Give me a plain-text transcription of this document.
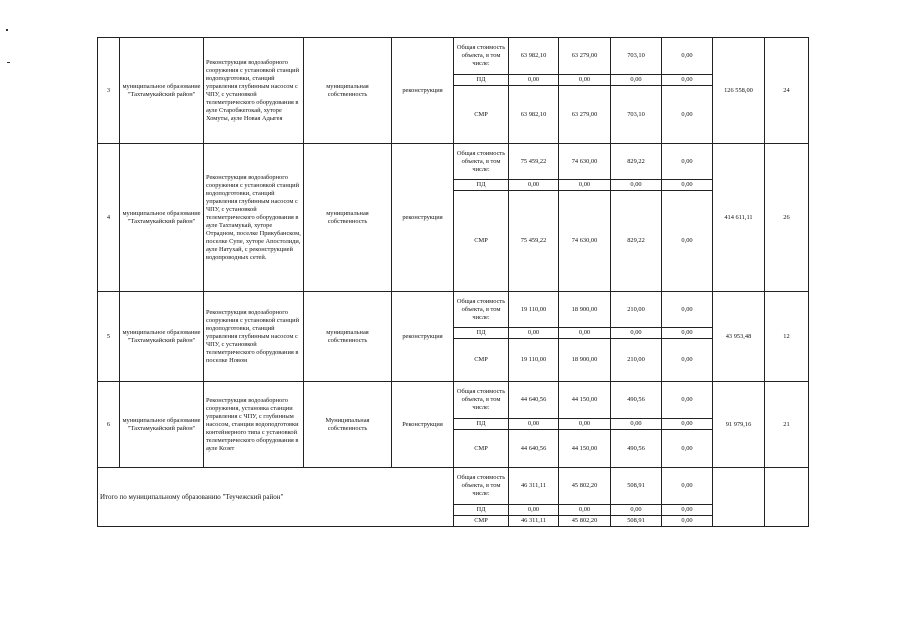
3	муниципальное образование "Тахтамукайский район"	Реконструкция водозаборного сооружения с установкой станций водоподготовки, станций управления глубинным насосом с ЧПУ, с установкой телеметрического оборудования в ауле Старобжегокай, хуторе Хомуты, ауле Новая Адыгея	муниципальная собственность	реконструкция	Общая стоимость объекта, в том числе:	63 982,10	63 279,00	703,10	0,00	126 558,00	24
					ПД	0,00	0,00	0,00	0,00		
					СМР	63 982,10	63 279,00	703,10	0,00		
4	муниципальное образование "Тахтамукайский район"	Реконструкция водозаборного сооружения с установкой станций водоподготовки, станций управления глубинным насосом с ЧПУ, с установкой телеметрического оборудования в ауле Тахтамукай, хуторе Отрадном, поселке Прикубанском, поселке Супе, хуторе Апостолиди, ауле Натухай, с реконструкцией водопроводных сетей.	муниципальная собственность	реконструкция	Общая стоимость объекта, в том числе:	75 459,22	74 630,00	829,22	0,00	414 611,11	26
					ПД	0,00	0,00	0,00	0,00		
					СМР	75 459,22	74 630,00	829,22	0,00		
5	муниципальное образование "Тахтамукайский район"	Реконструкция водозаборного сооружения с установкой станций водоподготовки, станций управления глубинным насосом с ЧПУ, с установкой телеметрического оборудования в поселке Новом	муниципальная собственность	реконструкция	Общая стоимость объекта, в том числе:	19 110,00	18 900,00	210,00	0,00	43 953,48	12
					ПД	0,00	0,00	0,00	0,00		
					СМР	19 110,00	18 900,00	210,00	0,00		
6	муниципальное образование "Тахтамукайский район"	Реконструкция водозаборного сооружения, установка станции управления с ЧПУ, с глубинным насосом, станции водоподготовки контейнерного типа с установкой телеметрического оборудования в ауле Козет	Муниципальная собственность	Реконструкция	Общая стоимость объекта, в том числе:	44 640,56	44 150,00	490,56	0,00	91 979,16	21
					ПД	0,00	0,00	0,00	0,00		
					СМР	44 640,56	44 150,00	490,56	0,00		
Итого по муниципальному образованию "Теучежский район"					Общая стоимость объекта, в том числе:	46 311,11	45 802,20	508,91	0,00		
					ПД	0,00	0,00	0,00	0,00		
					СМР	46 311,11	45 802,20	508,91	0,00		
